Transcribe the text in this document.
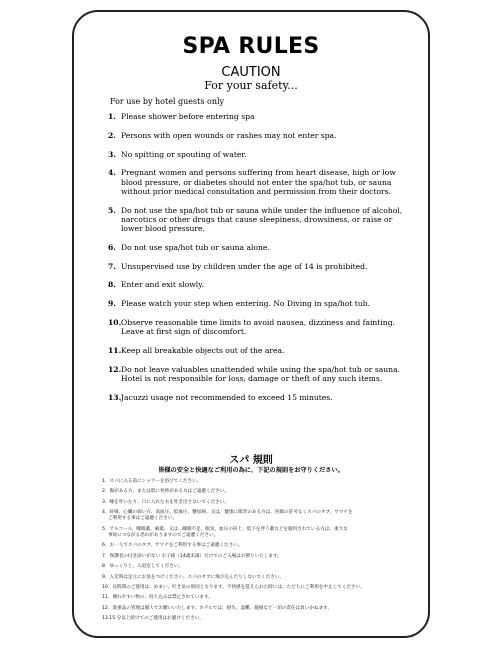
SPA RULES
CAUTION
For your safety...
For use by hotel guests only
1. Please shower before entering spa
2. Persons with open wounds or rashes may not enter spa.
3. No spitting or spouting of water.
4. Pregnant women and persons suffering from heart disease, high or low blood pressure, or diabetes should not enter the spa/hot tub, or sauna without prior medical consultation and permission from their doctors.
5. Do not use the spa/hot tub or sauna while under the influence of alcohol, narcotics or other drugs that cause sleepiness, drowsiness, or raise or lower blood pressure.
6. Do not use spa/hot tub or sauna alone.
7. Unsupervised use by children under the age of 14 is prohibited.
8. Enter and exit slowly.
9. Please watch your step when entering. No Diving in spa/hot tub.
10. Observe reasonable time limits to avoid nausea, dizziness and fainting. Leave at first sign of discomfort.
11. Keep all breakable objects out of the area.
12. Do not leave valuables unattended while using the spa/hot tub or sauna. Hotel is not responsible for loss, damage or theft of any such items.
13. Jacuzzi usage not recommended to exceed 15 minutes.
スパ 規則
皆様の安全と快適なご利用の為に、下記の規則をお守りください。
1．スパに入る前にシャワーを浴びてください。
2．傷がある方、または肌に発疹がある方はご遠慮ください。
3．唾を吐いたり、口に入れた水を吐き出さないでください。
4．妊婦、心臓の弱い方、高血圧、低血圧、糖尿病、又は、健康に障害のある方は、医師の許可なくスパのタブ、サウナを
　 ご利用する事はご遠慮ください。
5．アルコール、睡眠薬、麻薬、又は、睡眠不足、眠気、血圧の向上、低下を伴う薬などを服用されている方は、重大な
　 事故につながる恐れがありますのでご遠慮ください。
6．お一人でスパのタブ、サウナをご利用する事はご遠慮ください。
7．保護者の付き添いがない お子様（14歳未満）だけでのご入場はお断りいたします。
8．ゆっくりと、入退室してください。
9．入室時は足元にお気をつけください。スパのタブに飛び込んだりしないでください。
10．長時間のご使用は、めまい、吐き気の原因となります。不快感を覚えられた時には、ただちにご利用を中止してください。
11．壊れやすい物の、持ち込みは禁止されています。
12．貴重品の管理は個人でお願いいたします。ホテルでは、紛失、盗難、破損など一切の責任は負いかねます。
13.15 分以上続けてのご使用はお避けください。
